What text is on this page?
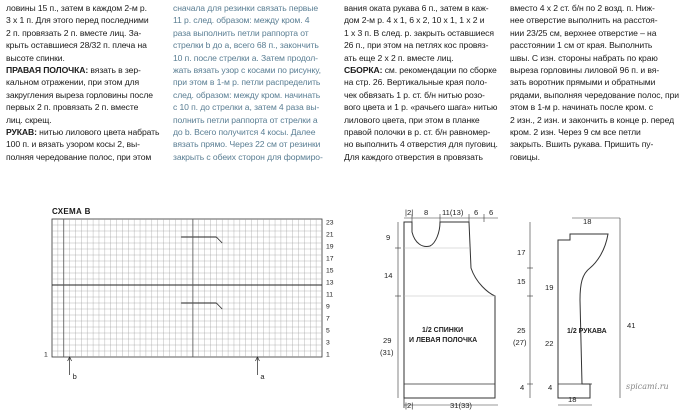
ловины 15 п., затем в каждом 2-м р.

3 х 1 п. Для этого перед последними

2 п. провязать 2 п. вместе лиц. За-

крыть оставшиеся 28/32 п. плеча на

высоте спинки.

ПРАВАЯ ПОЛОЧКА: вязать в зер-

кальном отражении, при этом для

закругления выреза горловины после

первых 2 п. провязать 2 п. вместе

лиц. скрещ.

РУКАВ: нитью лилового цвета набрать

100 п. и вязать узором косы 2, вы-

полняя чередование полос, при этом

сначала для резинки связать первые

11 р. след. образом: между кром. 4

раза выполнить петли раппорта от

стрелки b до a, всего 68 п., закончить

10 п. после стрелки а. Затем продол-

жать вязать узор с косами по рисунку,

при этом в 1-м р. петли распределить

след. образом: между кром. начинать

с 10 п. до стрелки а, затем 4 раза вы-

полнить петли раппорта от стрелки а

до b. Всего получится 4 косы. Далее

вязать прямо. Через 22 см от резинки

закрыть с обеих сторон для формиро-

вания оката рукава 6 п., затем в каж-

дом 2-м р. 4 х 1, 6 х 2, 10 х 1, 1 х 2 и

1 х 3 п. В след. р. закрыть оставшиеся

26 п., при этом на петлях кос провяз-

ать еще 2 х 2 п. вместе лиц.

СБОРКА: см. рекомендации по сборке

на стр. 26. Вертикальные края поло-

чек обвязать 1 р. ст. б/н нитью розо-

вого цвета и 1 р. «рачьего шага» нитью

лилового цвета, при этом в планке

правой полочки в р. ст. б/н равномер-

но выполнить 4 отверстия для пуговиц.

Для каждого отверстия в провязать

вместо 4 х 2 ст. б/н по 2 возд. п. Ниж-

нее отверстие выполнить на расстоя-

нии 23/25 см, верхнее отверстие – на

расстоянии 1 см от края. Выполнить

швы. С изн. стороны набрать по краю

выреза горловины лиловой 96 п. и вя-

зать воротник прямыми и обратными

рядами, выполняя чередование полос, при

этом в 1-м р. начинать после кром. с

2 изн., 2 изн. и закончить в конце р. перед

кром. 2 изн. Через 9 см все петли

закрыть. Вшить рукава. Пришить пу-

говицы.

СХЕМА В
23
21
19
17
15
13
11
9
7
5
3
1
1
b	a
|2| 8 11(13) 6 6
9
14
29
(31)
17
15
25
(27)
4
|2|	31(33)
1/2 СПИНКИ
И ЛЕВАЯ ПОЛОЧКА
18
19
22
4
18
41
1/2 РУКАВА
spicami.ru
